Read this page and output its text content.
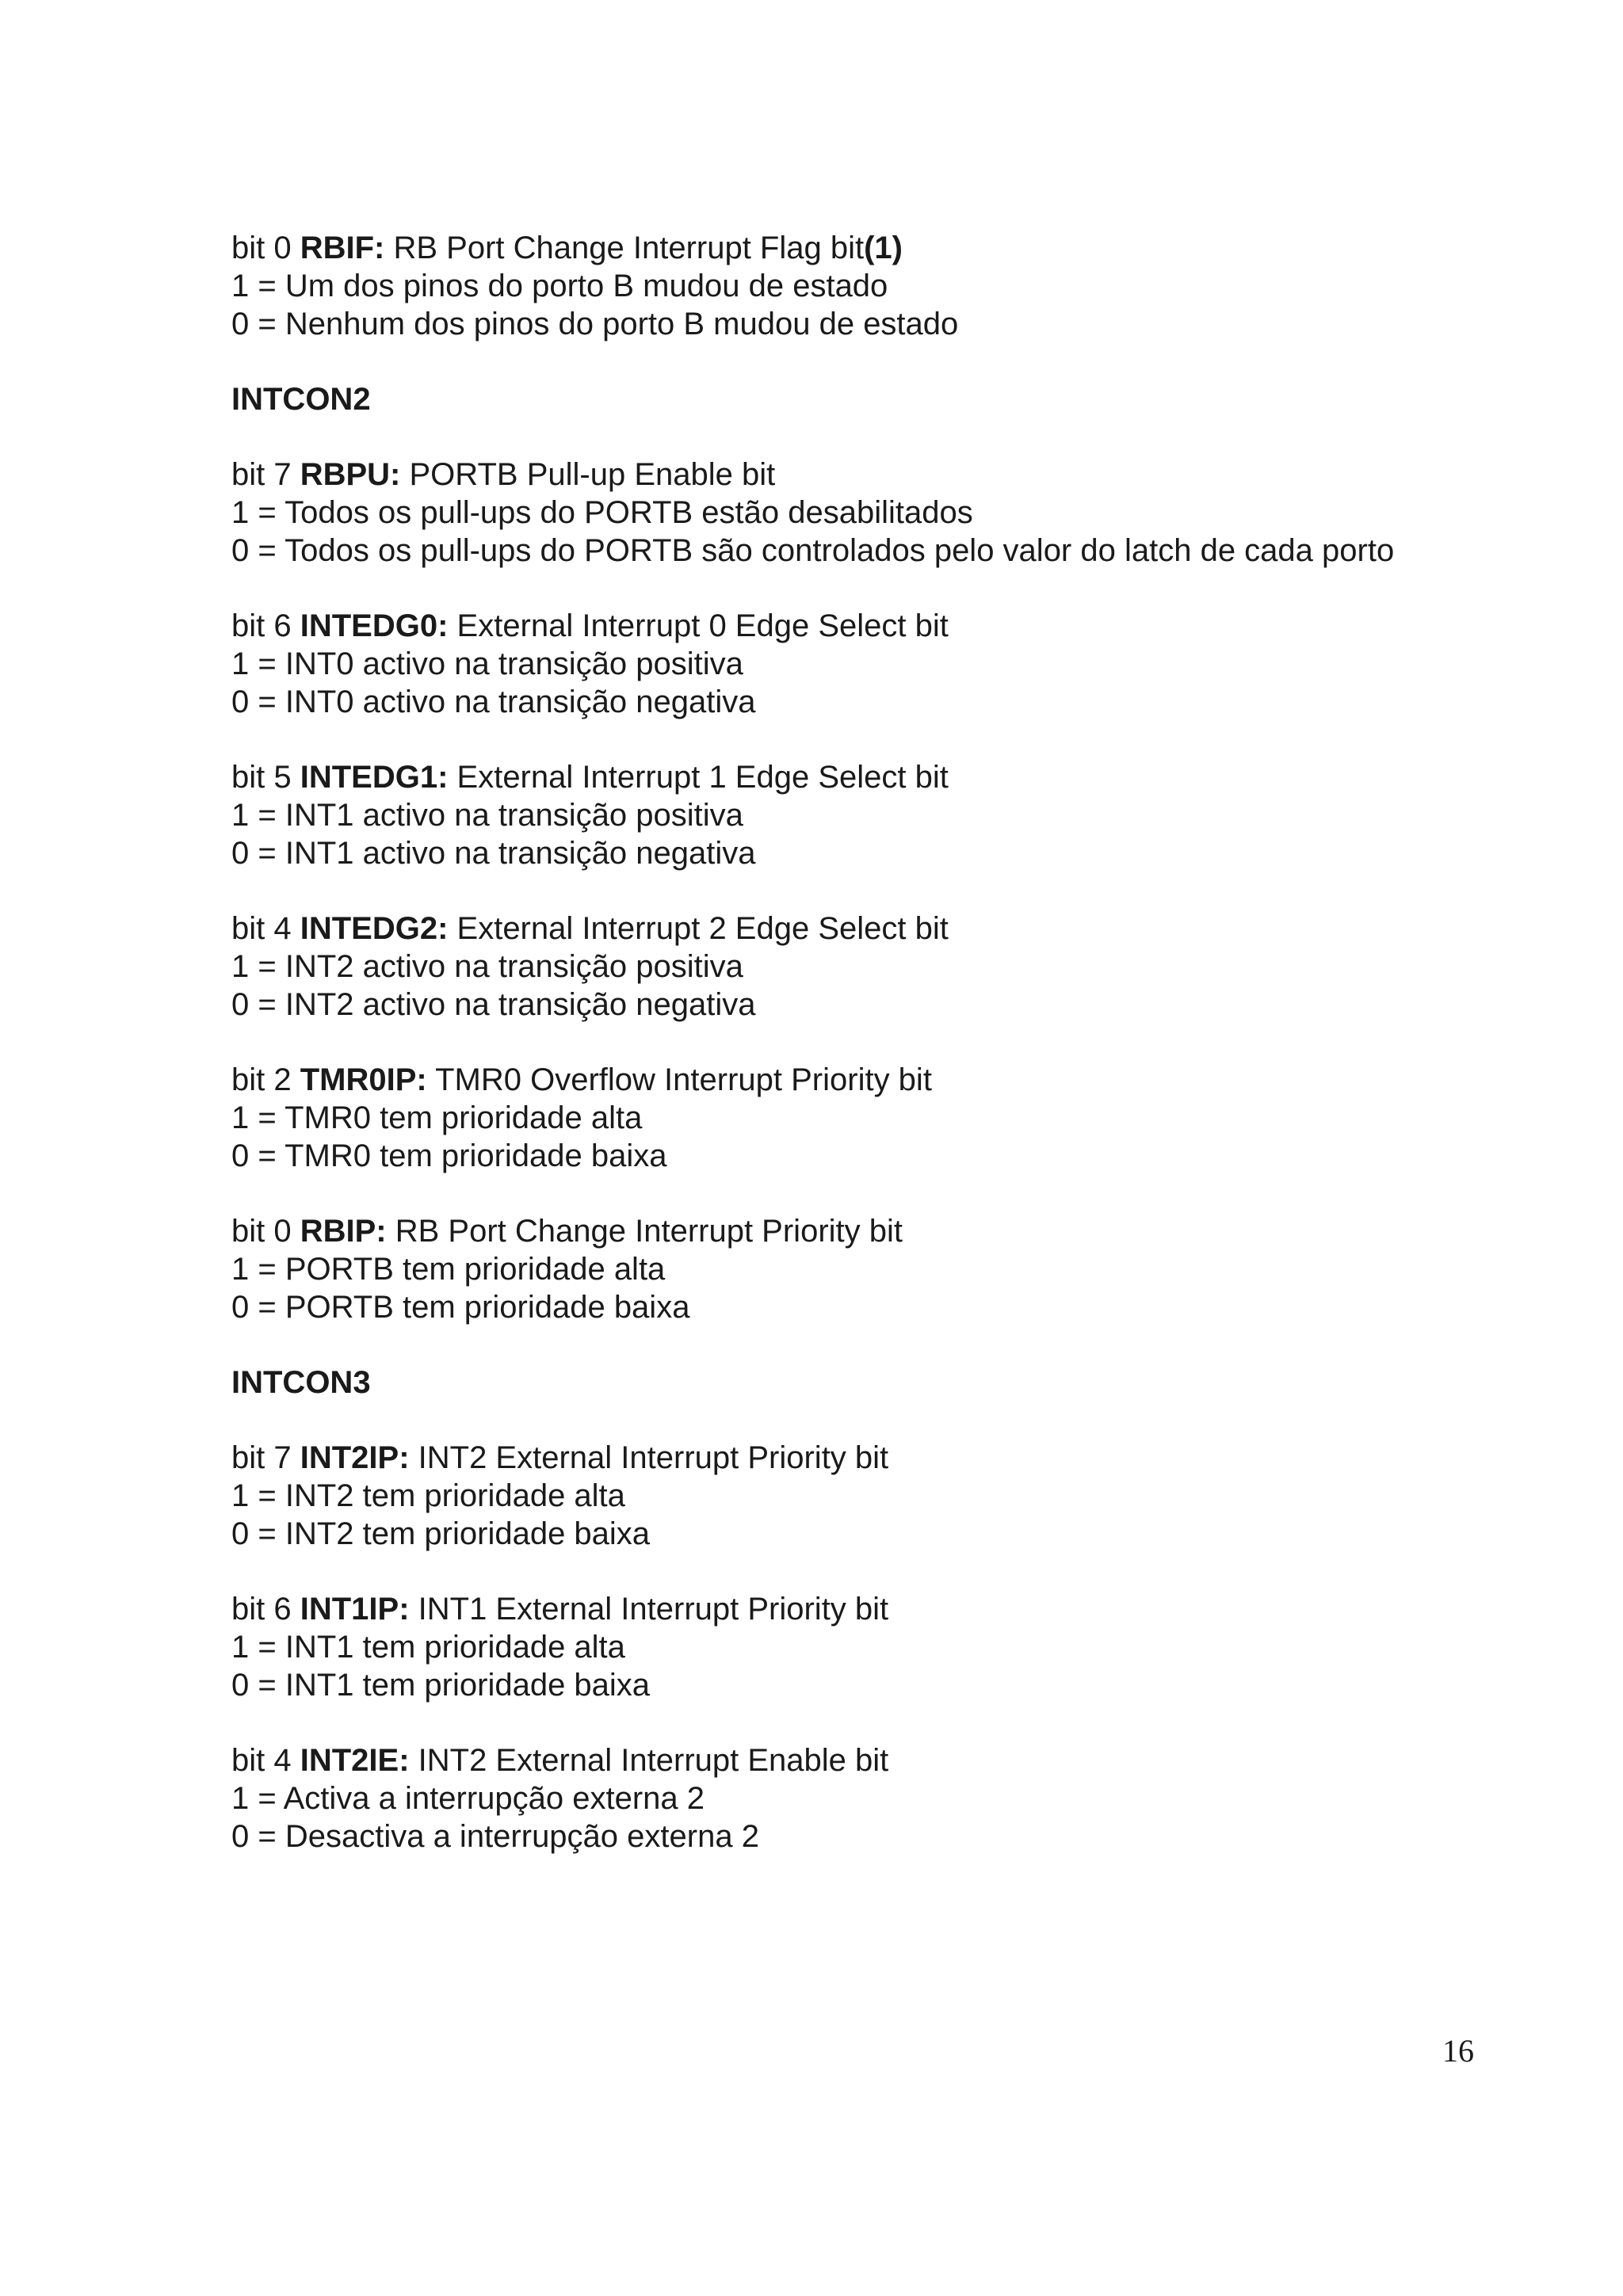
bit 0 RBIF: RB Port Change Interrupt Flag bit(1)
1 = Um dos pinos do porto B mudou de estado
0 = Nenhum dos pinos do porto B mudou de estado
INTCON2
bit 7 RBPU: PORTB Pull-up Enable bit
1 = Todos os pull-ups do PORTB estão desabilitados
0 = Todos os pull-ups do PORTB são controlados pelo valor do latch de cada porto
bit 6 INTEDG0: External Interrupt 0 Edge Select bit
1 = INT0 activo na transição positiva
0 = INT0 activo na transição negativa
bit 5 INTEDG1: External Interrupt 1 Edge Select bit
1 = INT1 activo na transição positiva
0 = INT1 activo na transição negativa
bit 4 INTEDG2: External Interrupt 2 Edge Select bit
1 = INT2 activo na transição positiva
0 = INT2 activo na transição negativa
bit 2 TMR0IP: TMR0 Overflow Interrupt Priority bit
1 = TMR0 tem prioridade alta
0 = TMR0 tem prioridade baixa
bit 0 RBIP: RB Port Change Interrupt Priority bit
1 = PORTB tem prioridade alta
0 = PORTB tem prioridade baixa
INTCON3
bit 7 INT2IP: INT2 External Interrupt Priority bit
1 = INT2 tem prioridade alta
0 = INT2 tem prioridade baixa
bit 6 INT1IP: INT1 External Interrupt Priority bit
1 = INT1 tem prioridade alta
0 = INT1 tem prioridade baixa
bit 4 INT2IE: INT2 External Interrupt Enable bit
1 = Activa a interrupção externa 2
0 = Desactiva a interrupção externa 2
16
